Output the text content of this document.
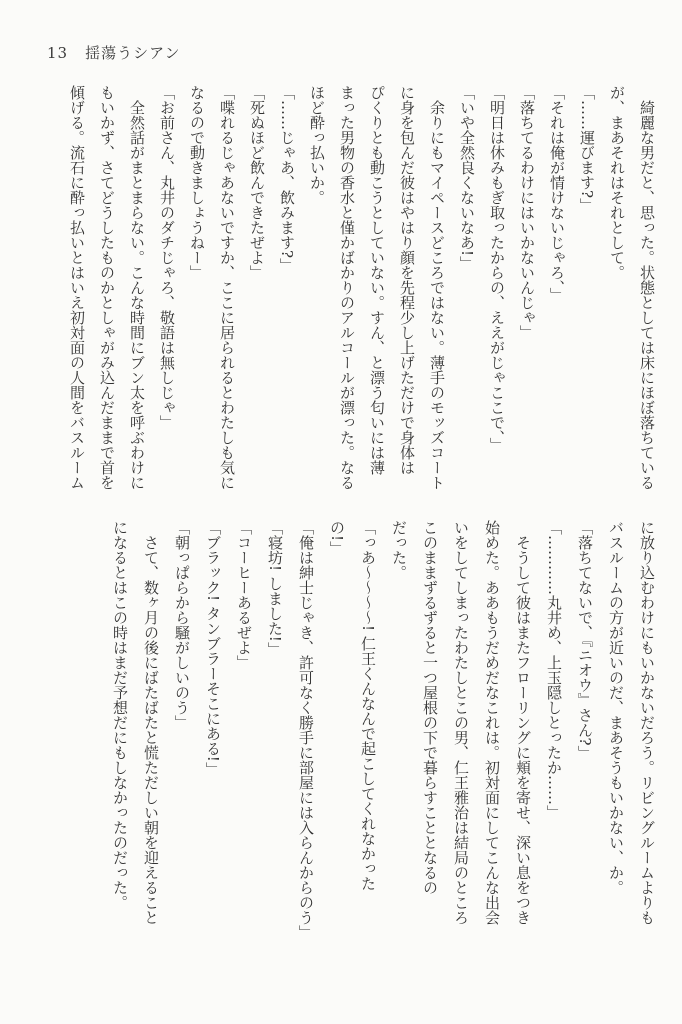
13 揺蕩うシアン

綺麗な男だと、思った。状態としては床にほぼ落ちている

が、まあそれはそれとして。

「……運びます?」

「それは俺が情けないじゃろ、」

「落ちてるわけにはいかないんじゃ」

「明日は休みもぎ取ったからの、ええがじゃここで、」

「いや全然良くないなあ!」

余りにもマイペースどころではない。薄手のモッズコート

に身を包んだ彼はやはり顔を先程少し上げただけで身体は

ぴくりとも動こうとしていない。すん、と漂う匂いには薄

まった男物の香水と僅かばかりのアルコールが漂った。なる

ほど酔っ払いか。

「……じゃあ、飲みます?」

「死ぬほど飲んできたぜよ」

「喋れるじゃあないですか、ここに居られるとわたしも気に

なるので動きましょうねー」

「お前さん、丸井のダチじゃろ、敬語は無しじゃ」

全然話がまとまらない。こんな時間にブン太を呼ぶわけに

もいかず、さてどうしたものかとしゃがみ込んだままで首を

傾げる。流石に酔っ払いとはいえ初対面の人間をバスルーム

に放り込むわけにもいかないだろう。リビングルームよりも

バスルームの方が近いのだ、まあそうもいかない、か。

「落ちてないで、『ニオウ』さん?」

「…………丸井め、上玉隠しとったか……」

そうして彼はまたフローリングに頬を寄せ、深い息をつき

始めた。ああもうだめだなこれは。初対面にしてこんな出会

いをしてしまったわたしとこの男、仁王雅治は結局のところ

このままずるずると一つ屋根の下で暮らすこととなるの

だった。

「っあ〜〜〜〜! 仁王くんなんで起こしてくれなかった

の!」

「俺は紳士じゃき、許可なく勝手に部屋には入らんからのう」

「寝坊! しました!」

「コーヒーあるぜよ」

「ブラック! タンブラーそこにある!」

「朝っぱらから騒がしいのう」

さて、数ヶ月の後にばたばたと慌ただしい朝を迎えること

になるとはこの時はまだ予想だにもしなかったのだった。
